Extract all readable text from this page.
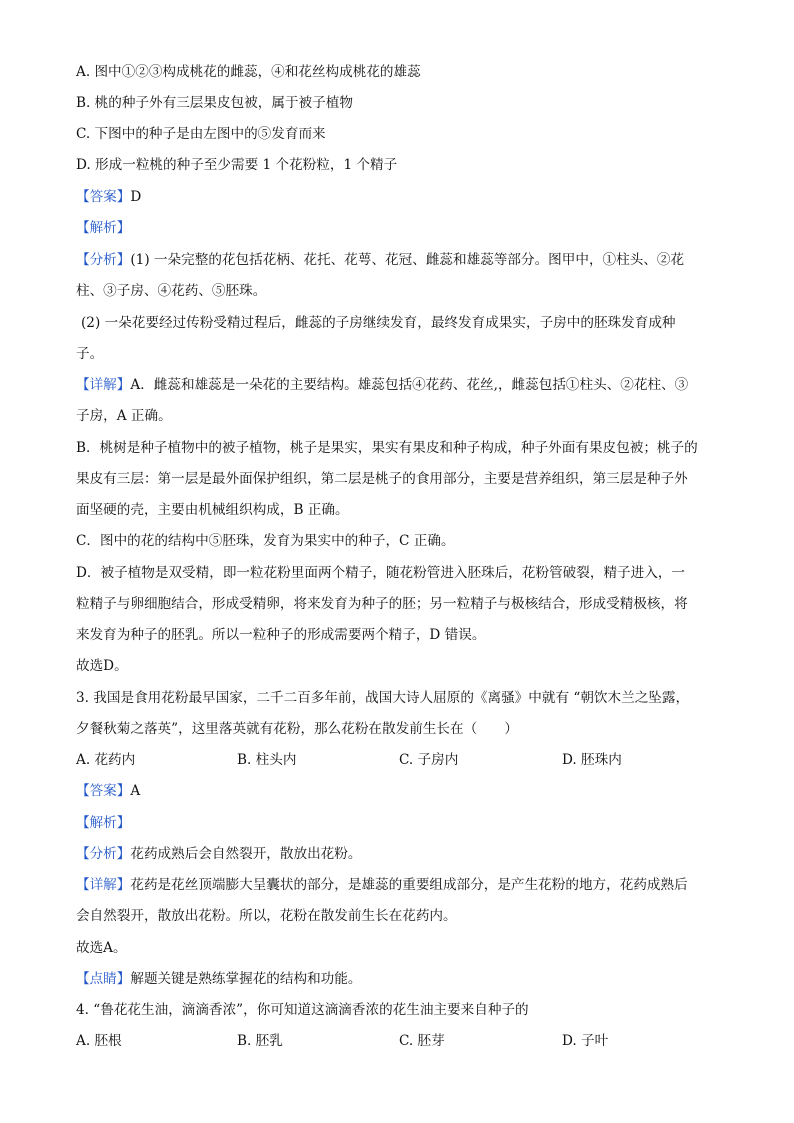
A. 图中①②③构成桃花的雌蕊，④和花丝构成桃花的雄蕊
B. 桃的种子外有三层果皮包被，属于被子植物
C. 下图中的种子是由左图中的⑤发育而来
D. 形成一粒桃的种子至少需要 1 个花粉粒，1 个精子
【答案】D
【解析】
【分析】(1) 一朵完整的花包括花柄、花托、花萼、花冠、雌蕊和雄蕊等部分。图甲中，①柱头、②花
柱、③子房、④花药、⑤胚珠。
(2) 一朵花要经过传粉受精过程后，雌蕊的子房继续发育，最终发育成果实，子房中的胚珠发育成种
子。
【详解】A．雌蕊和雄蕊是一朵花的主要结构。雄蕊包括④花药、花丝,，雌蕊包括①柱头、②花柱、③
子房，A 正确。
B．桃树是种子植物中的被子植物，桃子是果实，果实有果皮和种子构成，种子外面有果皮包被；桃子的
果皮有三层：第一层是最外面保护组织，第二层是桃子的食用部分，主要是营养组织，第三层是种子外
面坚硬的壳，主要由机械组织构成，B 正确。
C．图中的花的结构中⑤胚珠，发育为果实中的种子，C 正确。
D．被子植物是双受精，即一粒花粉里面两个精子，随花粉管进入胚珠后，花粉管破裂，精子进入，一
粒精子与卵细胞结合，形成受精卵，将来发育为种子的胚；另一粒精子与极核结合，形成受精极核，将
来发育为种子的胚乳。所以一粒种子的形成需要两个精子，D 错误。
故选D。
3. 我国是食用花粉最早国家，二千二百多年前，战国大诗人屈原的《离骚》中就有 “朝饮木兰之坠露，
夕餐秋菊之落英”，这里落英就有花粉，那么花粉在散发前生长在（　　）
A. 花药内	B. 柱头内	C. 子房内	D. 胚珠内
【答案】A
【解析】
【分析】花药成熟后会自然裂开，散放出花粉。
【详解】花药是花丝顶端膨大呈囊状的部分，是雄蕊的重要组成部分，是产生花粉的地方，花药成熟后
会自然裂开，散放出花粉。所以，花粉在散发前生长在花药内。
故选A。
【点睛】解题关键是熟练掌握花的结构和功能。
4. “鲁花花生油，滴滴香浓”，你可知道这滴滴香浓的花生油主要来自种子的
A. 胚根	B. 胚乳	C. 胚芽	D. 子叶
